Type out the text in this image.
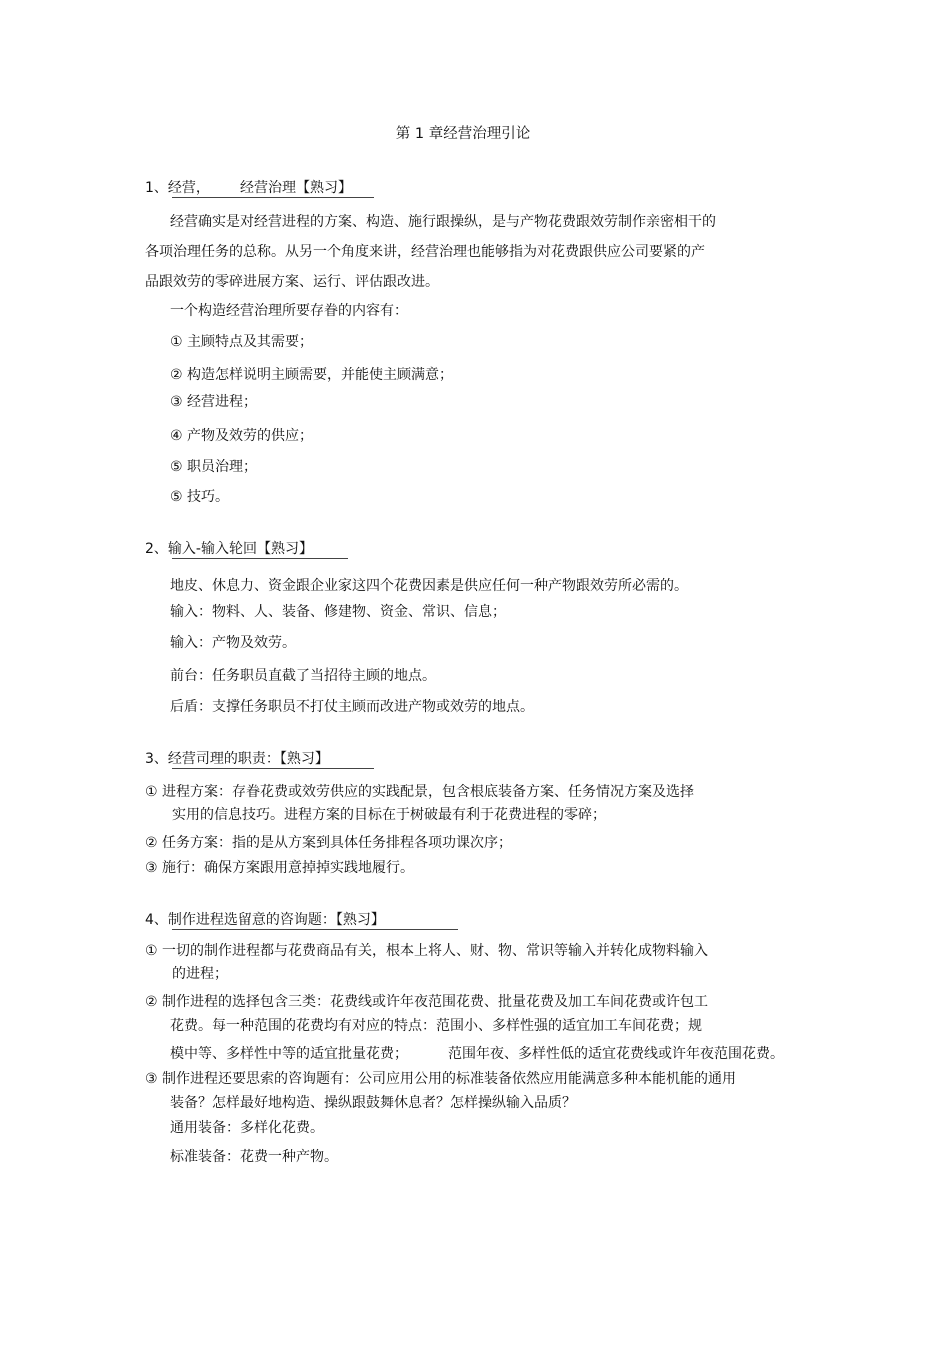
第 1 章经营治理引论
1、经营， 经营治理【熟习】
经营确实是对经营进程的方案、构造、施行跟操纵，是与产物花费跟效劳制作亲密相干的
各项治理任务的总称。从另一个角度来讲，经营治理也能够指为对花费跟供应公司要紧的产
品跟效劳的零碎进展方案、运行、评估跟改进。
一个构造经营治理所要存眷的内容有：
① 主顾特点及其需要；
② 构造怎样说明主顾需要，并能使主顾满意；
③ 经营进程；
④ 产物及效劳的供应；
⑤ 职员治理；
⑤ 技巧。
2、输入-输入轮回【熟习】
地皮、休息力、资金跟企业家这四个花费因素是供应任何一种产物跟效劳所必需的。
输入：物料、人、装备、修建物、资金、常识、信息；
输入：产物及效劳。
前台：任务职员直截了当招待主顾的地点。
后盾：支撑任务职员不打仗主顾而改进产物或效劳的地点。
3、经营司理的职责：【熟习】
① 进程方案：存眷花费或效劳供应的实践配景，包含根底装备方案、任务情况方案及选择
实用的信息技巧。进程方案的目标在于树破最有利于花费进程的零碎；
② 任务方案：指的是从方案到具体任务排程各项功课次序；
③ 施行：确保方案跟用意掉掉实践地履行。
4、制作进程选留意的咨询题：【熟习】
① 一切的制作进程都与花费商品有关，根本上将人、财、物、常识等输入并转化成物料输入
的进程；
② 制作进程的选择包含三类：花费线或许年夜范围花费、批量花费及加工车间花费或许包工
花费。每一种范围的花费均有对应的特点：范围小、多样性强的适宜加工车间花费；规
模中等、多样性中等的适宜批量花费；	范围年夜、多样性低的适宜花费线或许年夜范围花费。
③ 制作进程还要思索的咨询题有：公司应用公用的标准装备依然应用能满意多种本能机能的通用
装备？怎样最好地构造、操纵跟鼓舞休息者？怎样操纵输入品质？
通用装备：多样化花费。
标准装备：花费一种产物。
